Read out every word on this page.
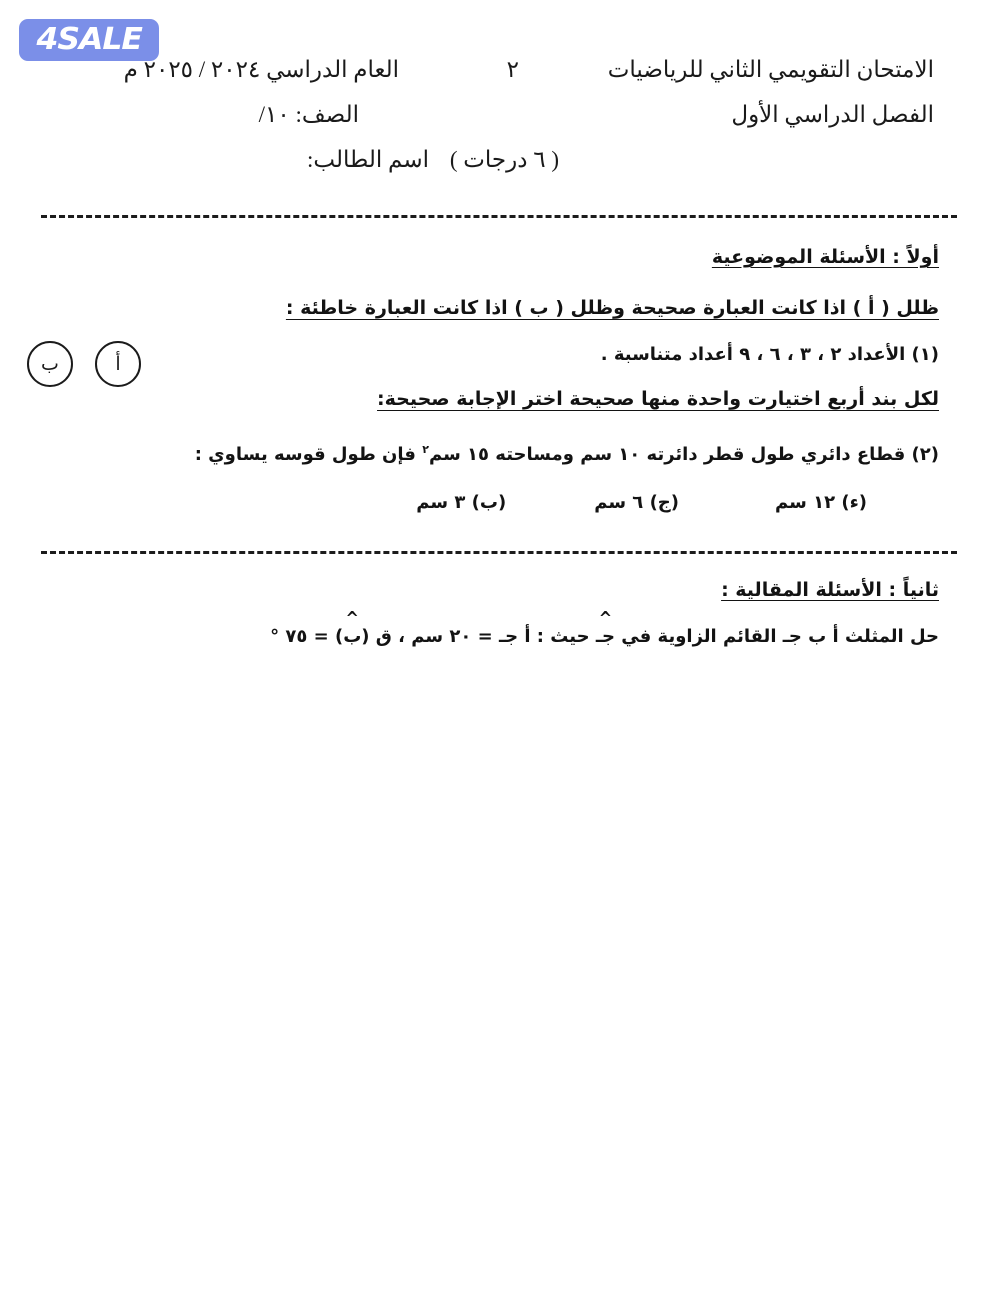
4SALE
الامتحان التقويمي الثاني للرياضيات
٢
العام الدراسي ٢٠٢٤ / ٢٠٢٥ م
الفصل الدراسي الأول
الصف: ١٠/
( ٦ درجات )
اسم الطالب:
أولاً : الأسئلة الموضوعية
ظلل ( أ ) اذا كانت العبارة صحيحة وظلل ( ب ) اذا كانت العبارة خاطئة :
(١) الأعداد ٢ ، ٣ ، ٦ ، ٩ أعداد متناسبة .
ب	أ
لكل بند أربع اختيارت واحدة منها صحيحة اختر الإجابة صحيحة:
(٢) قطاع دائري طول قطر دائرته ١٠ سم ومساحته ١٥ سم$^٢$ فإن طول قوسه يساوي :
(ء) ١٢ سم
(ج) ٦ سم
(ب) ٣ سم
ثانياً : الأسئلة المقالية :
حل المثلث أ ب جـ القائم الزاوية في جـ ^ حيث : أ جـ = ٢٠ سم ، ق (ب ^) = ٧٥ °
